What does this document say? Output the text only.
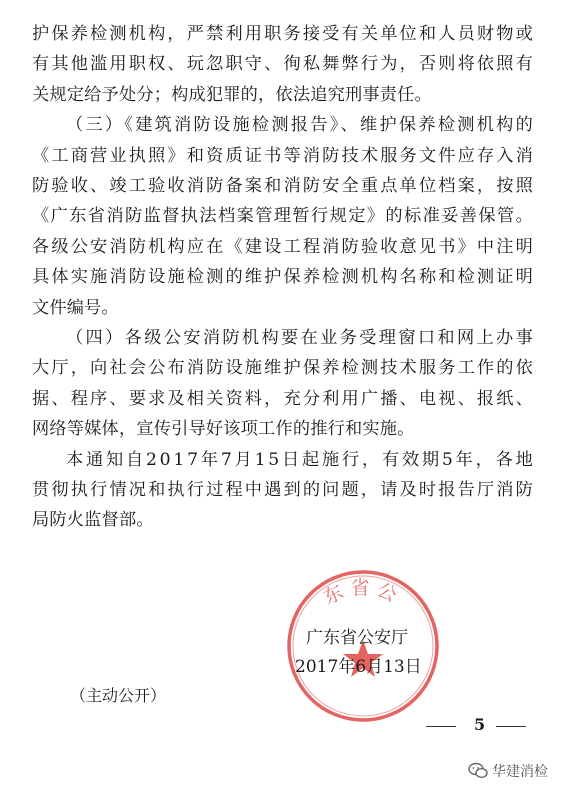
护保养检测机构，严禁利用职务接受有关单位和人员财物或
有其他滥用职权、玩忽职守、徇私舞弊行为，否则将依照有
关规定给予处分；构成犯罪的，依法追究刑事责任。
（三）《建筑消防设施检测报告》、维护保养检测机构的
《工商营业执照》和资质证书等消防技术服务文件应存入消
防验收、竣工验收消防备案和消防安全重点单位档案，按照
《广东省消防监督执法档案管理暂行规定》的标准妥善保管。
各级公安消防机构应在《建设工程消防验收意见书》中注明
具体实施消防设施检测的维护保养检测机构名称和检测证明
文件编号。
（四）各级公安消防机构要在业务受理窗口和网上办事
大厅，向社会公布消防设施维护保养检测技术服务工作的依
据、程序、要求及相关资料，充分利用广播、电视、报纸、
网络等媒体，宣传引导好该项工作的推行和实施。
本通知自2017年7月15日起施行，有效期5年，各地
贯彻执行情况和执行过程中遇到的问题，请及时报告厅消防
局防火监督部。
东省公
广东省公安厅
2017年6月13日
（主动公开）
5
华建消检
